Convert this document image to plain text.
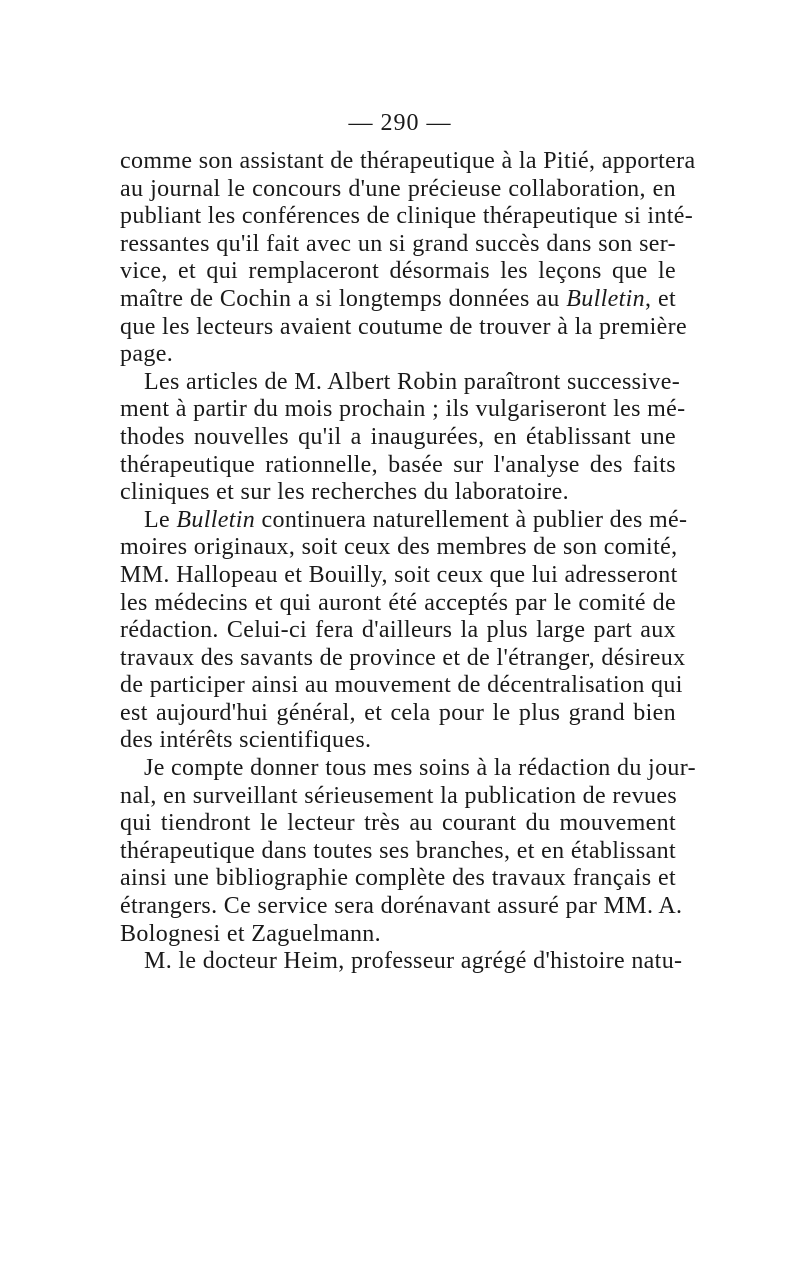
— 290 —
comme son assistant de thérapeutique à la Pitié, apportera
au journal le concours d'une précieuse collaboration, en
publiant les conférences de clinique thérapeutique si inté-
ressantes qu'il fait avec un si grand succès dans son ser-
vice, et qui remplaceront désormais les leçons que le
maître de Cochin a si longtemps données au Bulletin, et
que les lecteurs avaient coutume de trouver à la première
page.
Les articles de M. Albert Robin paraîtront successive-
ment à partir du mois prochain ; ils vulgariseront les mé-
thodes nouvelles qu'il a inaugurées, en établissant une
thérapeutique rationnelle, basée sur l'analyse des faits
cliniques et sur les recherches du laboratoire.
Le Bulletin continuera naturellement à publier des mé-
moires originaux, soit ceux des membres de son comité,
MM. Hallopeau et Bouilly, soit ceux que lui adresseront
les médecins et qui auront été acceptés par le comité de
rédaction. Celui-ci fera d'ailleurs la plus large part aux
travaux des savants de province et de l'étranger, désireux
de participer ainsi au mouvement de décentralisation qui
est aujourd'hui général, et cela pour le plus grand bien
des intérêts scientifiques.
Je compte donner tous mes soins à la rédaction du jour-
nal, en surveillant sérieusement la publication de revues
qui tiendront le lecteur très au courant du mouvement
thérapeutique dans toutes ses branches, et en établissant
ainsi une bibliographie complète des travaux français et
étrangers. Ce service sera dorénavant assuré par MM. A.
Bolognesi et Zaguelmann.
M. le docteur Heim, professeur agrégé d'histoire natu-
